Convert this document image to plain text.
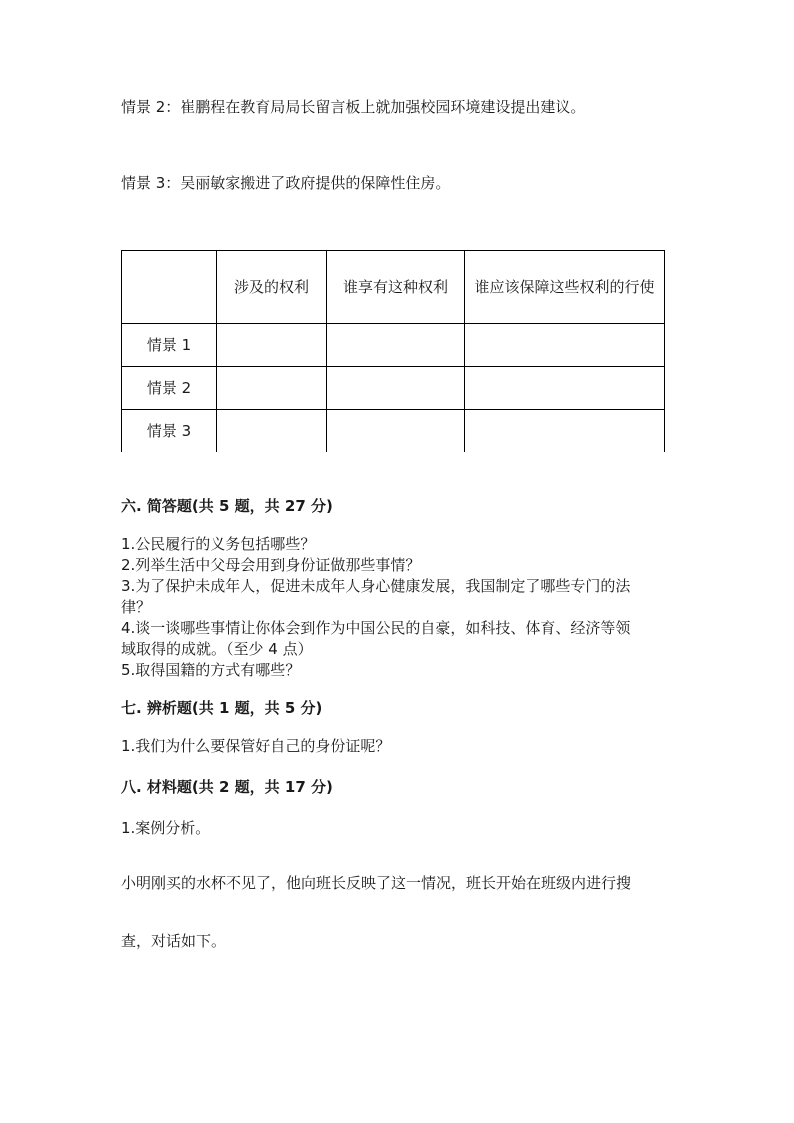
情景 2：崔鹏程在教育局局长留言板上就加强校园环境建设提出建议。
情景 3：吴丽敏家搬进了政府提供的保障性住房。
	涉及的权利	谁享有这种权利	谁应该保障这些权利的行使
情景 1			
情景 2			
情景 3			
六. 简答题(共 5 题，共 27 分)
1.公民履行的义务包括哪些？
2.列举生活中父母会用到身份证做那些事情？
3.为了保护未成年人，促进未成年人身心健康发展，我国制定了哪些专门的法
律？
4.谈一谈哪些事情让你体会到作为中国公民的自豪，如科技、体育、经济等领
域取得的成就。（至少 4 点）
5.取得国籍的方式有哪些？
七. 辨析题(共 1 题，共 5 分)
1.我们为什么要保管好自己的身份证呢？
八. 材料题(共 2 题，共 17 分)
1.案例分析。
小明刚买的水杯不见了，他向班长反映了这一情况，班长开始在班级内进行搜
查，对话如下。
